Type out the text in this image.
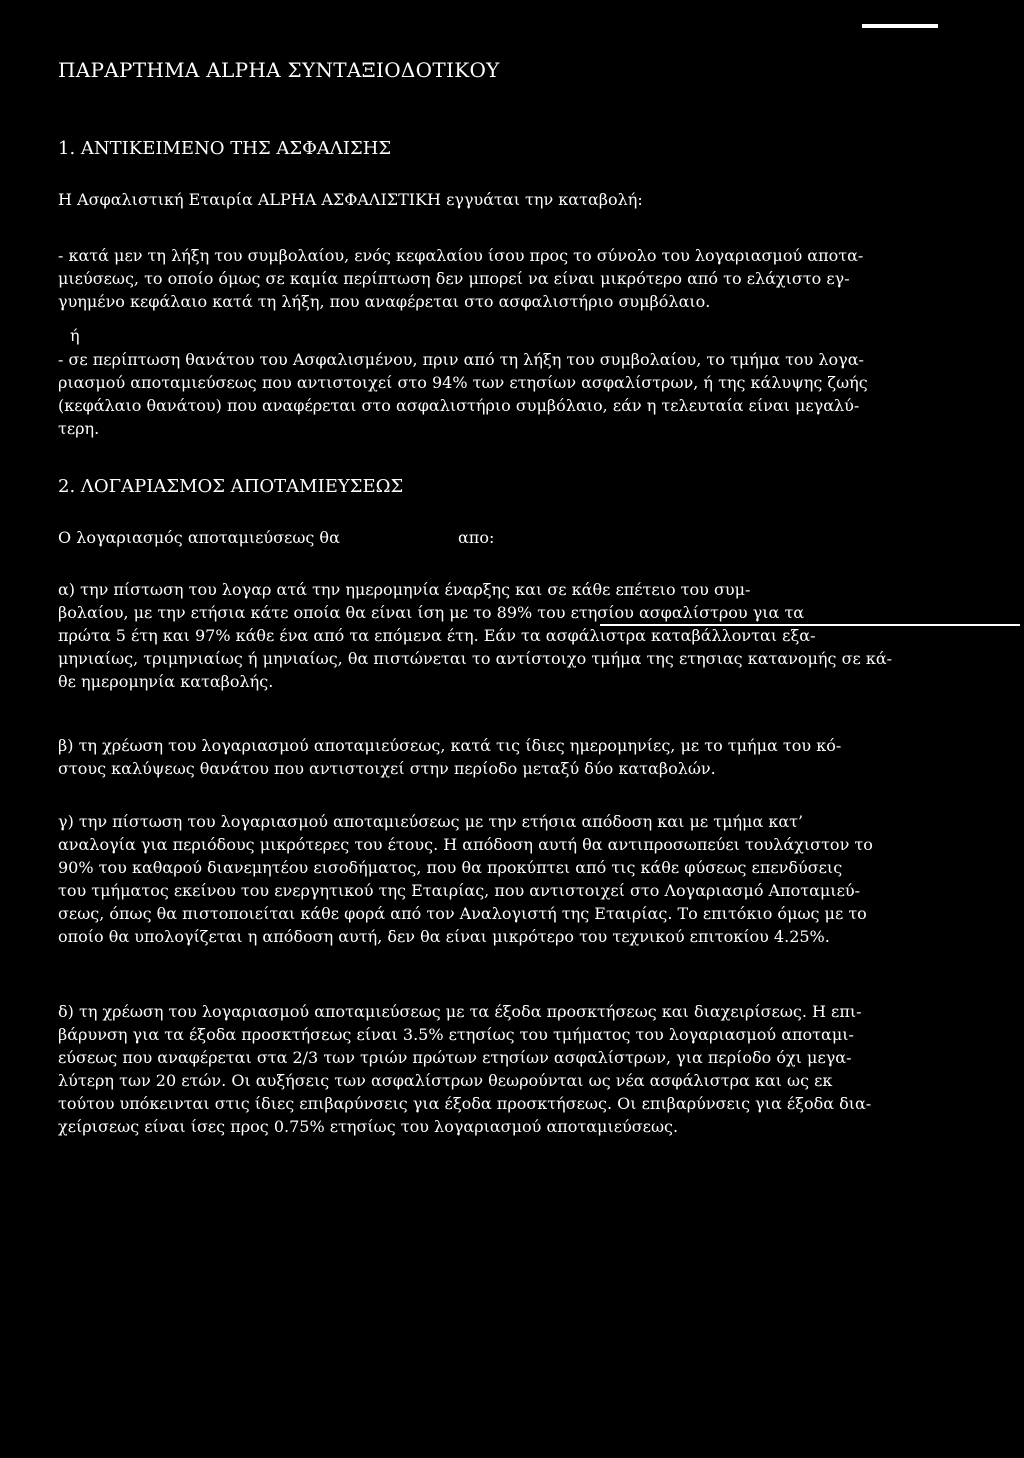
ΠΑΡΑΡΤΗΜΑ ALPHA ΣΥΝΤΑΞΙΟΔΟΤΙΚΟΥ
1. ΑΝΤΙΚΕΙΜΕΝΟ ΤΗΣ ΑΣΦΑΛΙΣΗΣ
Η Ασφαλιστική Εταιρία ALPHA ΑΣΦΑΛΙΣΤΙΚΗ εγγυάται την καταβολή:
- κατά μεν τη λήξη του συμβολαίου, ενός κεφαλαίου ίσου προς το σύνολο του λογαριασμού αποτα-
μιεύσεως, το οποίο όμως σε καμία περίπτωση δεν μπορεί να είναι μικρότερο από το ελάχιστο εγ-
γυημένο κεφάλαιο κατά τη λήξη, που αναφέρεται στο ασφαλιστήριο συμβόλαιο.
ή
- σε περίπτωση θανάτου του Ασφαλισμένου, πριν από τη λήξη του συμβολαίου, το τμήμα του λογα-
ριασμού αποταμιεύσεως που αντιστοιχεί στο 94% των ετησίων ασφαλίστρων, ή της κάλυψης ζωής
(κεφάλαιο θανάτου) που αναφέρεται στο ασφαλιστήριο συμβόλαιο, εάν η τελευταία είναι μεγαλύ-
τερη.
2. ΛΟΓΑΡΙΑΣΜΟΣ ΑΠΟΤΑΜΙΕΥΣΕΩΣ
Ο λογαριασμός αποταμιεύσεως θα	απο:
α) την πίστωση του λογαρ ατά την ημερομηνία έναρξης και σε κάθε επέτειο του συμ-
βολαίου, με την ετήσια κάτε οποία θα είναι ίση με το 89% του ετησίου ασφαλίστρου για τα
πρώτα 5 έτη και 97% κάθε ένα από τα επόμενα έτη. Εάν τα ασφάλιστρα καταβάλλονται εξα-
μηνιαίως, τριμηνιαίως ή μηνιαίως, θα πιστώνεται το αντίστοιχο τμήμα της ετησιας κατανομής σε κά-
θε ημερομηνία καταβολής.
β) τη χρέωση του λογαριασμού αποταμιεύσεως, κατά τις ίδιες ημερομηνίες, με το τμήμα του κό-
στους καλύψεως θανάτου που αντιστοιχεί στην περίοδο μεταξύ δύο καταβολών.
γ) την πίστωση του λογαριασμού αποταμιεύσεως με την ετήσια απόδοση και με τμήμα κατ’
αναλογία για περιόδους μικρότερες του έτους. Η απόδοση αυτή θα αντιπροσωπεύει τουλάχιστον το
90% του καθαρού διανεμητέου εισοδήματος, που θα προκύπτει από τις κάθε φύσεως επενδύσεις
του τμήματος εκείνου του ενεργητικού της Εταιρίας, που αντιστοιχεί στο Λογαριασμό Αποταμιεύ-
σεως, όπως θα πιστοποιείται κάθε φορά από τον Αναλογιστή της Εταιρίας. Το επιτόκιο όμως με το
οποίο θα υπολογίζεται η απόδοση αυτή, δεν θα είναι μικρότερο του τεχνικού επιτοκίου 4.25%.
δ) τη χρέωση του λογαριασμού αποταμιεύσεως με τα έξοδα προσκτήσεως και διαχειρίσεως. Η επι-
βάρυνση για τα έξοδα προσκτήσεως είναι 3.5% ετησίως του τμήματος του λογαριασμού αποταμι-
εύσεως που αναφέρεται στα 2/3 των τριών πρώτων ετησίων ασφαλίστρων, για περίοδο όχι μεγα-
λύτερη των 20 ετών. Οι αυξήσεις των ασφαλίστρων θεωρούνται ως νέα ασφάλιστρα και ως εκ
τούτου υπόκεινται στις ίδιες επιβαρύνσεις για έξοδα προσκτήσεως. Οι επιβαρύνσεις για έξοδα δια-
χείρισεως είναι ίσες προς 0.75% ετησίως του λογαριασμού αποταμιεύσεως.
